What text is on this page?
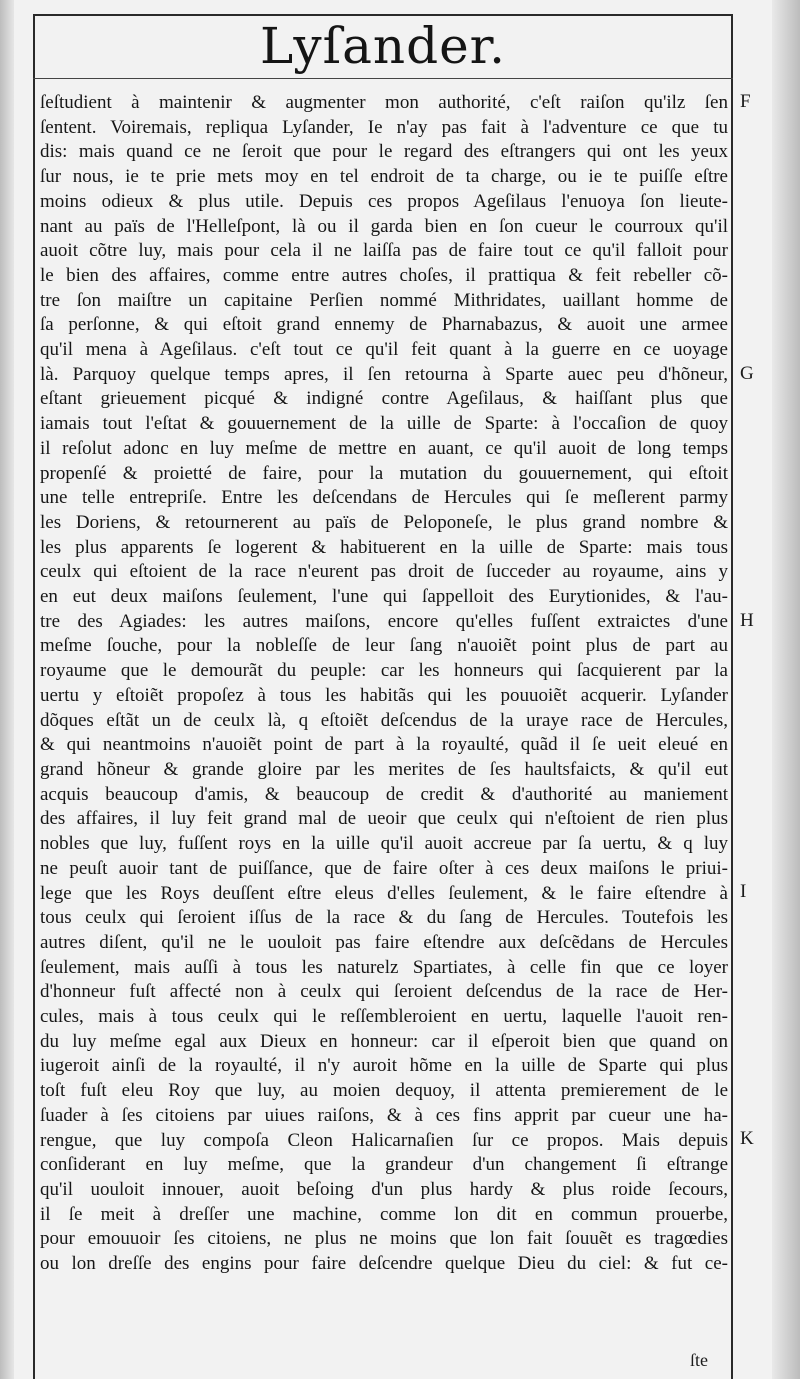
Lyſander.
ſeſtudient à maintenir & augmenter mon authorité, c'eſt raiſon qu'ilz ſen
ſentent. Voiremais, repliqua Lyſander, Ie n'ay pas fait à l'adventure ce que tu
dis: mais quand ce ne ſeroit que pour le regard des eſtrangers qui ont les yeux
ſur nous, ie te prie mets moy en tel endroit de ta charge, ou ie te puiſſe eſtre
moins odieux & plus utile. Depuis ces propos Ageſilaus l'enuoya ſon lieute-
nant au païs de l'Helleſpont, là ou il garda bien en ſon cueur le courroux qu'il
auoit cõtre luy, mais pour cela il ne laiſſa pas de faire tout ce qu'il falloit pour
le bien des affaires, comme entre autres choſes, il prattiqua & feit rebeller cõ-
tre ſon maiſtre un capitaine Perſien nommé Mithridates, uaillant homme de
ſa perſonne, & qui eſtoit grand ennemy de Pharnabazus, & auoit une armee
qu'il mena à Ageſilaus. c'eſt tout ce qu'il feit quant à la guerre en ce uoyage
là. Parquoy quelque temps apres, il ſen retourna à Sparte auec peu d'hõneur,
eſtant grieuement picqué & indigné contre Ageſilaus, & haiſſant plus que
iamais tout l'eſtat & gouuernement de la uille de Sparte: à l'occaſion de quoy
il reſolut adonc en luy meſme de mettre en auant, ce qu'il auoit de long temps
propenſé & proietté de faire, pour la mutation du gouuernement, qui eſtoit
une telle entrepriſe. Entre les deſcendans de Hercules qui ſe meſlerent parmy
les Doriens, & retournerent au païs de Peloponeſe, le plus grand nombre &
les plus apparents ſe logerent & habituerent en la uille de Sparte: mais tous
ceulx qui eſtoient de la race n'eurent pas droit de ſucceder au royaume, ains y
en eut deux maiſons ſeulement, l'une qui ſappelloit des Eurytionides, & l'au-
tre des Agiades: les autres maiſons, encore qu'elles fuſſent extraictes d'une
meſme ſouche, pour la nobleſſe de leur ſang n'auoiẽt point plus de part au
royaume que le demourãt du peuple: car les honneurs qui ſacquierent par la
uertu y eſtoiẽt propoſez à tous les habitãs qui les pouuoiẽt acquerir. Lyſander
dõques eſtãt un de ceulx là, q eſtoiẽt deſcendus de la uraye race de Hercules,
& qui neantmoins n'auoiẽt point de part à la royaulté, quãd il ſe ueit eleué en
grand hõneur & grande gloire par les merites de ſes haultsfaicts, & qu'il eut
acquis beaucoup d'amis, & beaucoup de credit & d'authorité au maniement
des affaires, il luy feit grand mal de ueoir que ceulx qui n'eſtoient de rien plus
nobles que luy, fuſſent roys en la uille qu'il auoit accreue par ſa uertu, & q luy
ne peuſt auoir tant de puiſſance, que de faire oſter à ces deux maiſons le priui-
lege que les Roys deuſſent eſtre eleus d'elles ſeulement, & le faire eſtendre à
tous ceulx qui ſeroient iſſus de la race & du ſang de Hercules. Toutefois les
autres diſent, qu'il ne le uouloit pas faire eſtendre aux deſcẽdans de Hercules
ſeulement, mais auſſi à tous les naturelz Spartiates, à celle fin que ce loyer
d'honneur fuſt affecté non à ceulx qui ſeroient deſcendus de la race de Her-
cules, mais à tous ceulx qui le reſſembleroient en uertu, laquelle l'auoit ren-
du luy meſme egal aux Dieux en honneur: car il eſperoit bien que quand on
iugeroit ainſi de la royaulté, il n'y auroit hõme en la uille de Sparte qui plus
toſt fuſt eleu Roy que luy, au moien dequoy, il attenta premierement de le
ſuader à ſes citoiens par uiues raiſons, & à ces fins apprit par cueur une ha-
rengue, que luy compoſa Cleon Halicarnaſien ſur ce propos. Mais depuis
conſiderant en luy meſme, que la grandeur d'un changement ſi eſtrange
qu'il uouloit innouer, auoit beſoing d'un plus hardy & plus roide ſecours,
il ſe meit à dreſſer une machine, comme lon dit en commun prouerbe,
pour emouuoir ſes citoiens, ne plus ne moins que lon fait ſouuẽt es tragœdies
ou lon dreſſe des engins pour faire deſcendre quelque Dieu du ciel: & fut ce-
F
G
H
I
K
ſte
